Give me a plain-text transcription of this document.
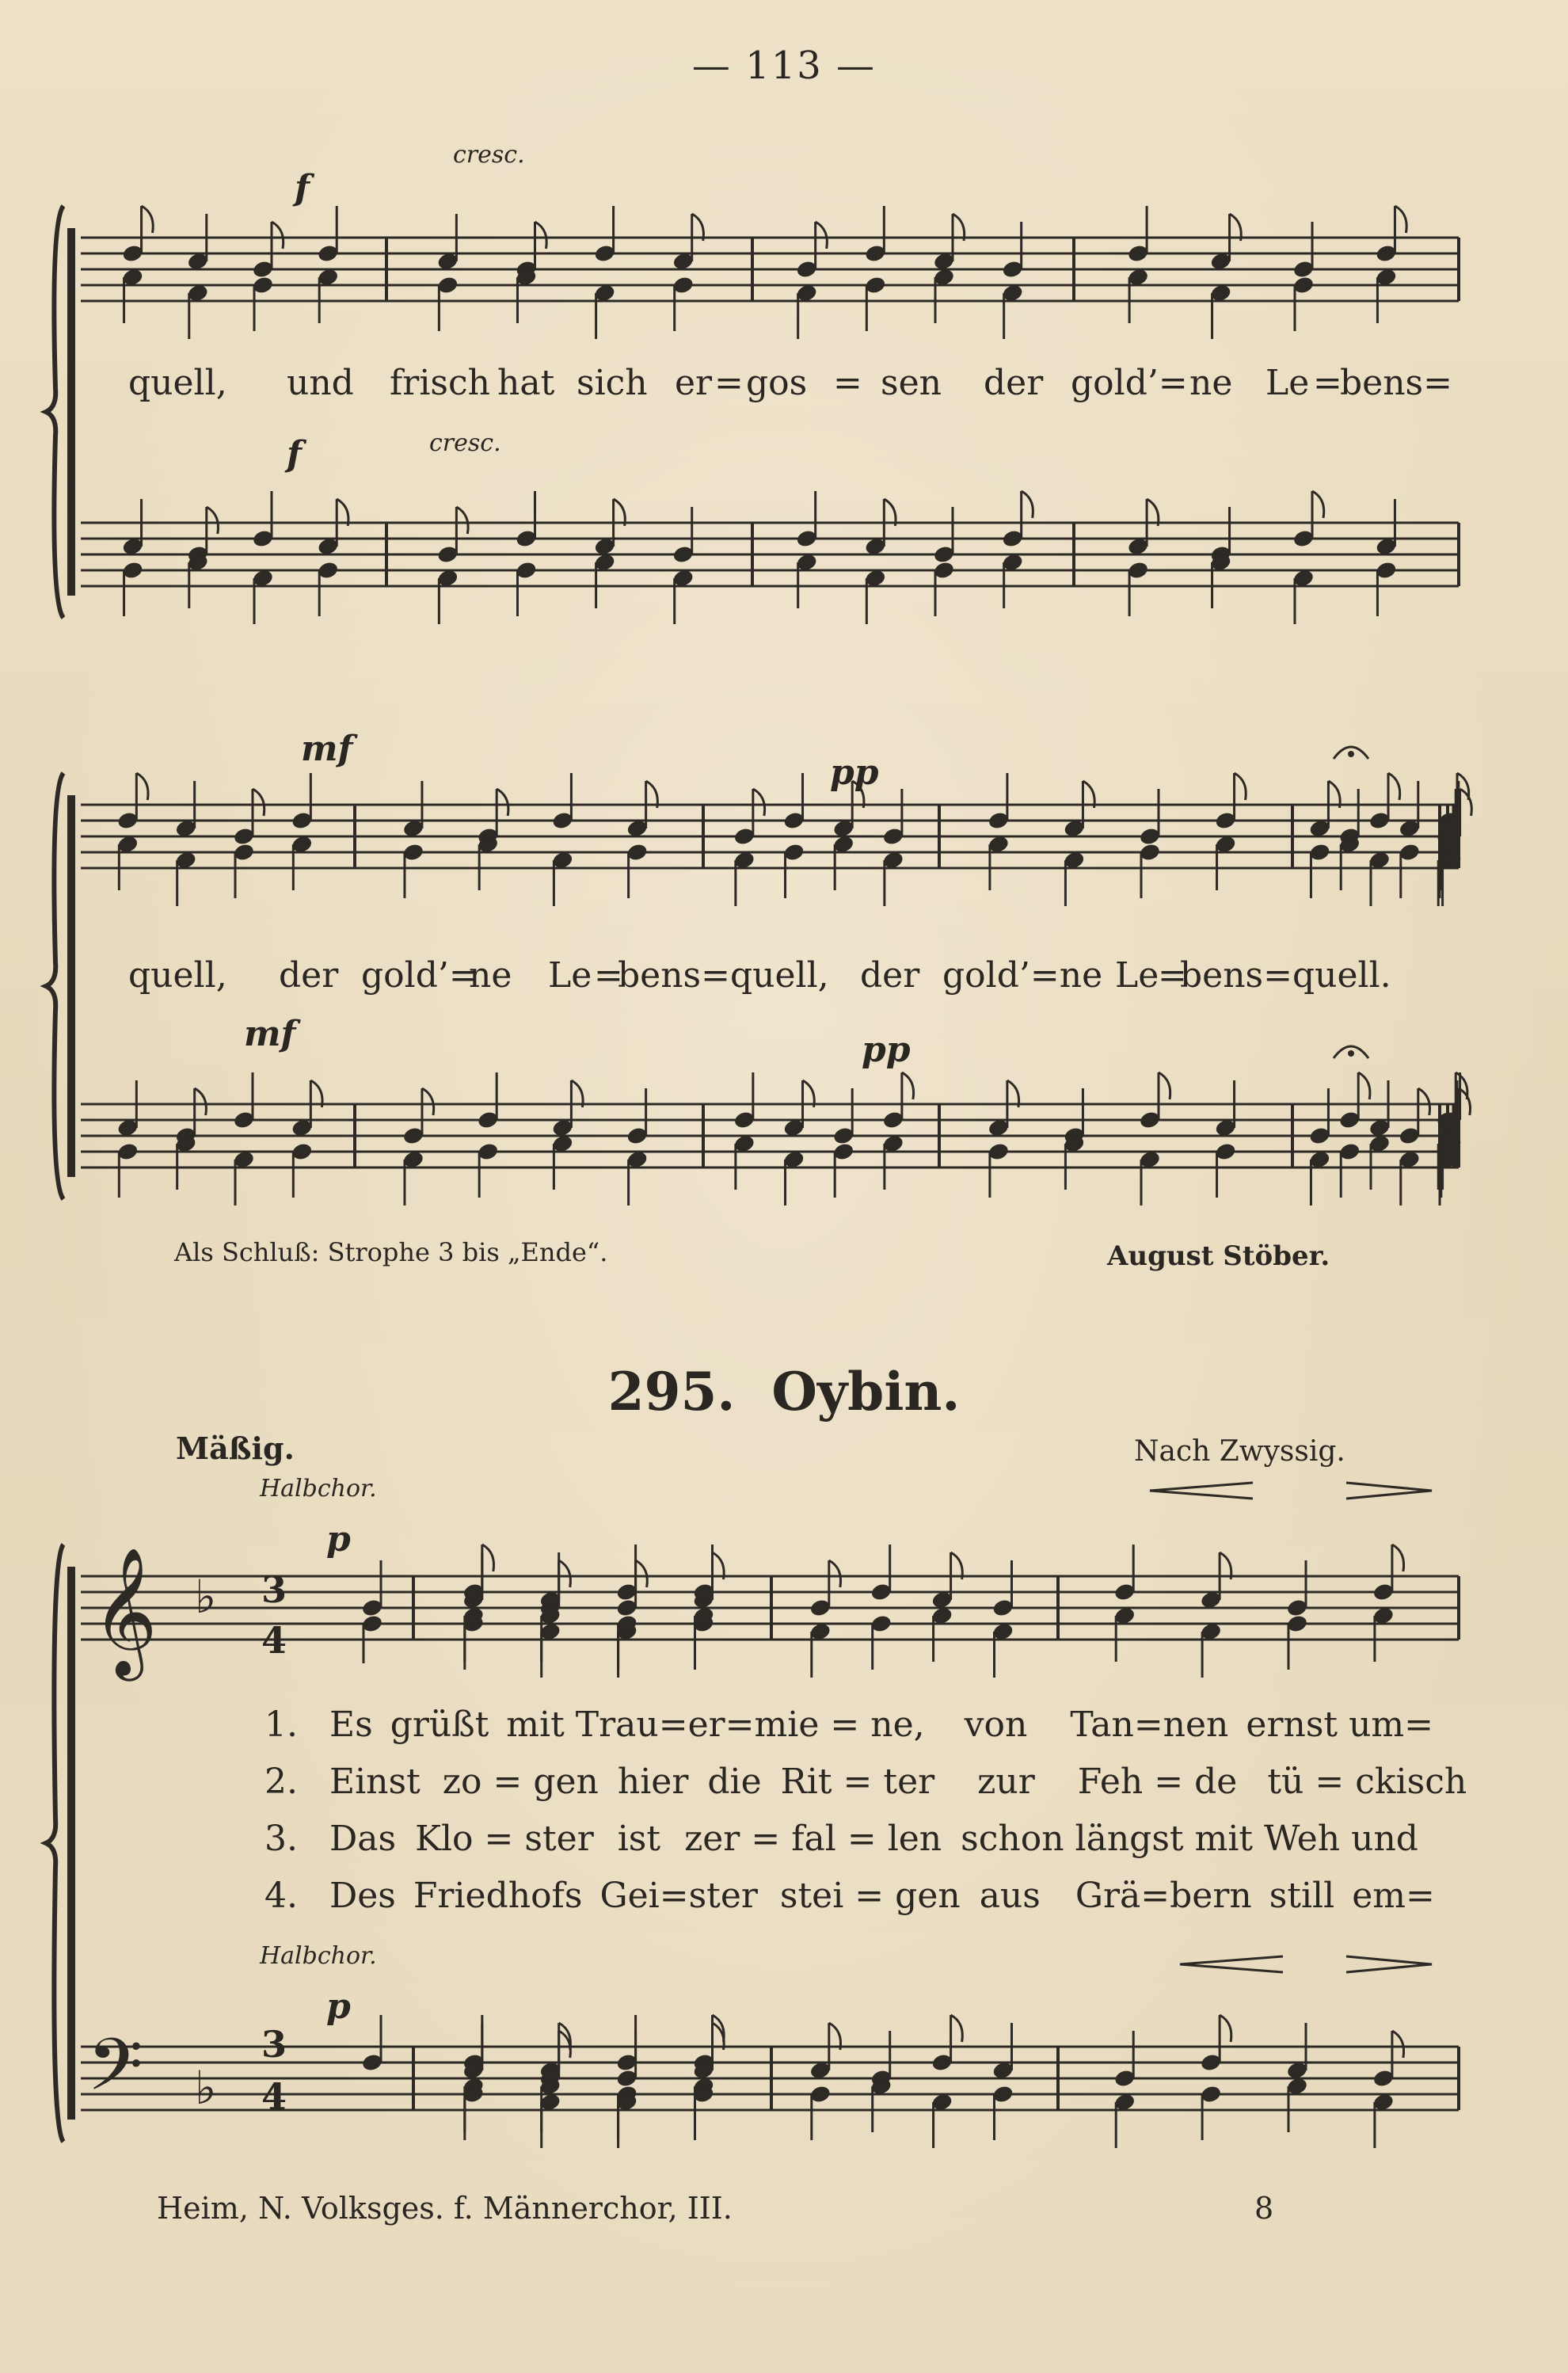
— 113 —
𝄞 ♭
𝄢 ♭
cresc.
f
cresc.
f
quell, und frisch hat sich er = gos = sen der gold’= ne Le =
bens=
mf
pp
mf	pp
quell, der gold’=
ne Le =
bens=quell, der gold’=ne Le
=
bens=quell.
Als Schluß: Strophe 3 bis „Ende“.	August Stöber.
295. Oybin.
Mäßig.	Nach Zwyssig.
Halbchor.
Halbchor.
p
p
3
4
3
4
1. Es grüßt mit Trau=er=mie = ne, von Tan=nen ernst um=
2. Einst zo = gen hier die Rit = ter zur Feh = de tü = ckisch
3. Das Klo = ster ist zer = fal = len schon längst mit Weh und
4. Des Friedhofs Gei=ster stei = gen aus Grä=bern still em=
Heim, N. Volksges. f. Männerchor, III.	8
